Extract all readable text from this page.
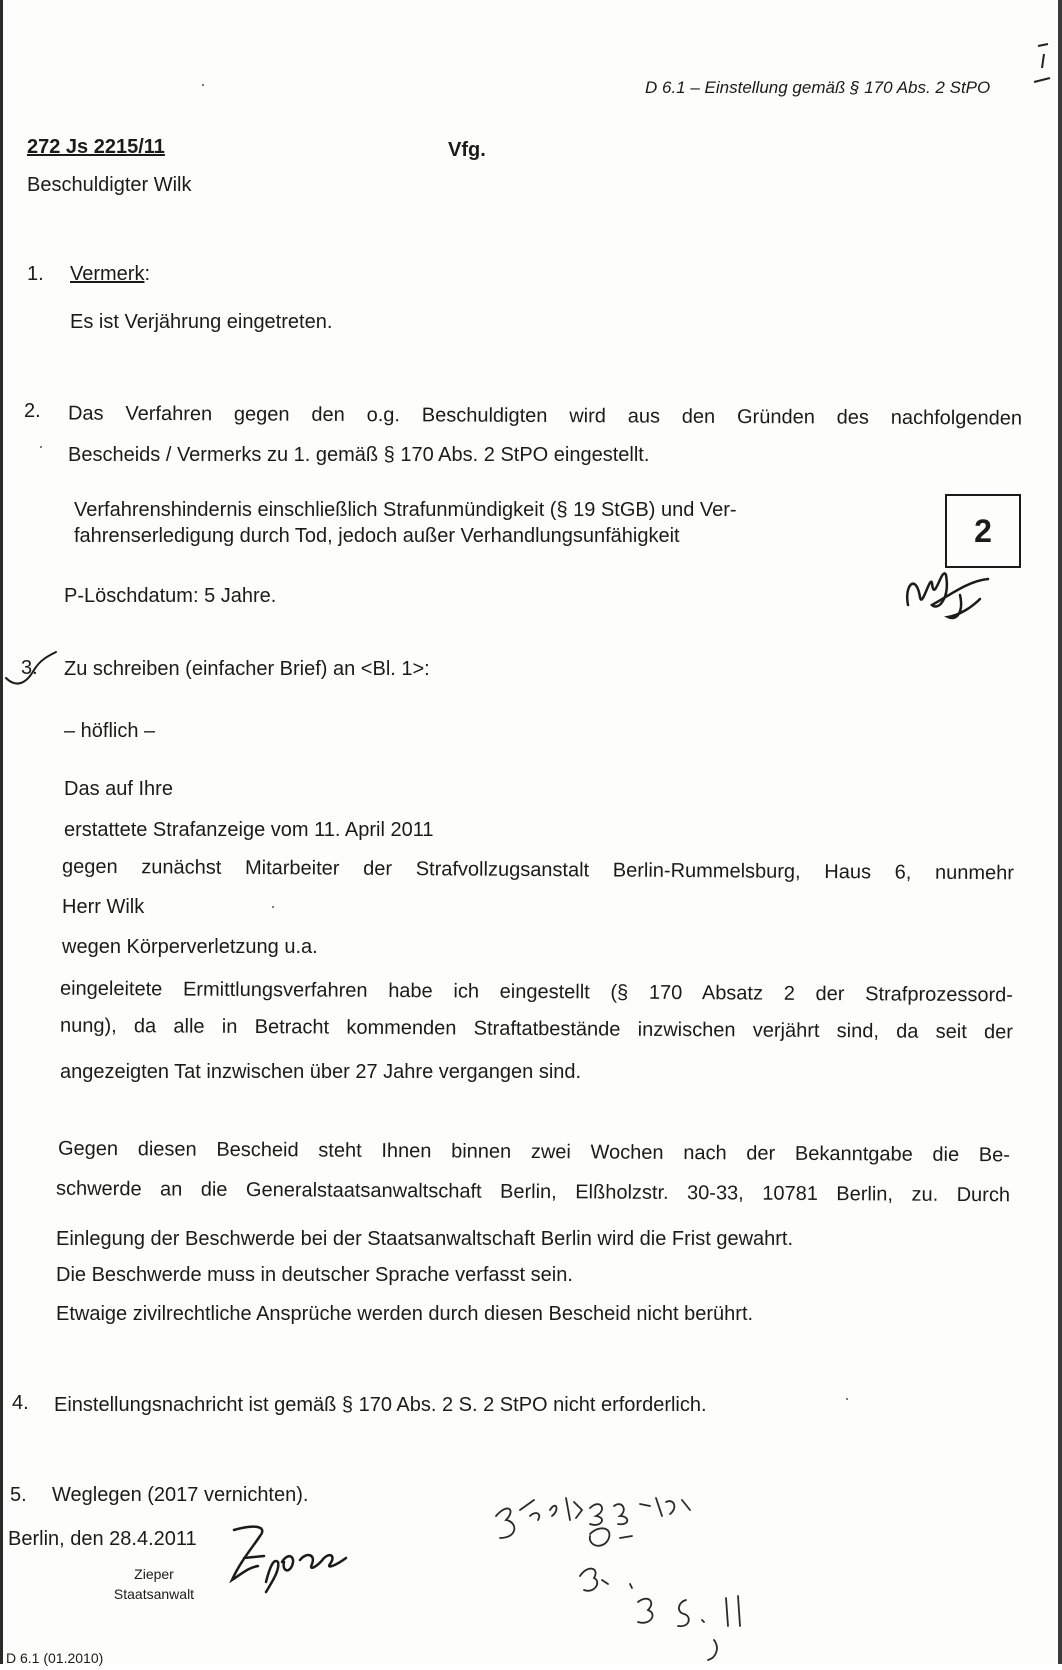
D 6.1 – Einstellung gemäß § 170 Abs. 2 StPO
272 Js 2215/11	Vfg.
Beschuldigter Wilk
1. Vermerk:
Es ist Verjährung eingetreten.
2. Das Verfahren gegen den o.g. Beschuldigten wird aus den Gründen des nachfolgenden
Bescheids / Vermerks zu 1. gemäß § 170 Abs. 2 StPO eingestellt.
Verfahrenshindernis einschließlich Strafunmündigkeit (§ 19 StGB) und Ver-
fahrenserledigung durch Tod, jedoch außer Verhandlungsunfähigkeit	2
P-Löschdatum: 5 Jahre.
3. Zu schreiben (einfacher Brief) an <Bl. 1>:
– höflich –
Das auf Ihre
erstattete Strafanzeige vom 11. April 2011
gegen zunächst Mitarbeiter der Strafvollzugsanstalt Berlin-Rummelsburg, Haus 6, nunmehr
Herr Wilk
wegen Körperverletzung u.a.
eingeleitete Ermittlungsverfahren habe ich eingestellt (§ 170 Absatz 2 der Strafprozessord-
nung), da alle in Betracht kommenden Straftatbestände inzwischen verjährt sind, da seit der
angezeigten Tat inzwischen über 27 Jahre vergangen sind.
Gegen diesen Bescheid steht Ihnen binnen zwei Wochen nach der Bekanntgabe die Be-
schwerde an die Generalstaatsanwaltschaft Berlin, Elßholzstr. 30-33, 10781 Berlin, zu. Durch
Einlegung der Beschwerde bei der Staatsanwaltschaft Berlin wird die Frist gewahrt.
Die Beschwerde muss in deutscher Sprache verfasst sein.
Etwaige zivilrechtliche Ansprüche werden durch diesen Bescheid nicht berührt.
4. Einstellungsnachricht ist gemäß § 170 Abs. 2 S. 2 StPO nicht erforderlich.
5. Weglegen (2017 vernichten).
Berlin, den 28.4.2011
Zieper
Staatsanwalt
D 6.1 (01.2010)
